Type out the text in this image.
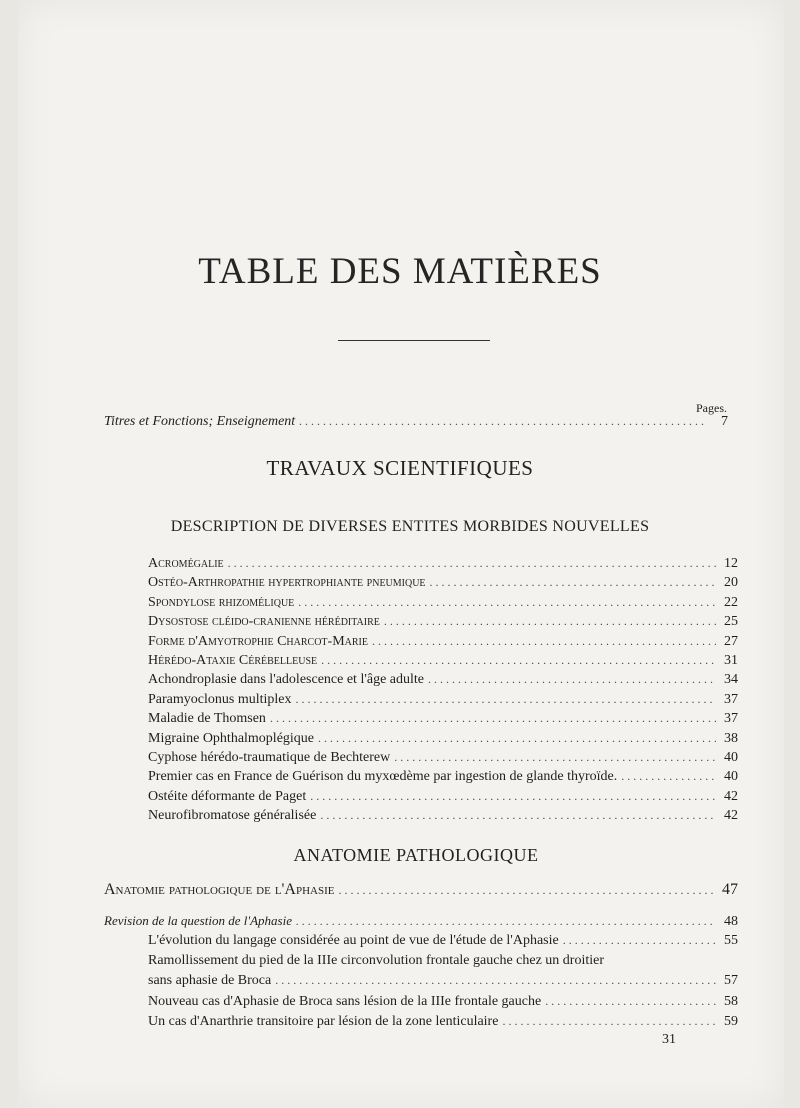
TABLE DES MATIÈRES
Pages.
Titres et Fonctions; Enseignement .....	7
TRAVAUX SCIENTIFIQUES
DESCRIPTION DE DIVERSES ENTITES MORBIDES NOUVELLES
Acromégalie .....	12
Ostéo-Arthropathie hypertrophiante pneumique .....	20
Spondylose rhizomélique .....	22
Dysostose cléido-cranienne héréditaire .....	25
Forme d'Amyotrophie Charcot-Marie .....	27
Hérédo-Ataxie Cérébelleuse .....	31
Achondroplasie dans l'adolescence et l'âge adulte .....	34
Paramyoclonus multiplex .....	37
Maladie de Thomsen .....	37
Migraine Ophthalmoplégique .....	38
Cyphose hérédo-traumatique de Bechterew .....	40
Premier cas en France de Guérison du myxœdème par ingestion de glande thyroïde. .....	40
Ostéite déformante de Paget .....	42
Neurofibromatose généralisée .....	42
ANATOMIE PATHOLOGIQUE
Anatomie pathologique de l'Aphasie .....	47
Revision de la question de l'Aphasie .....	48
L'évolution du langage considérée au point de vue de l'étude de l'Aphasie .....	55
Ramollissement du pied de la IIIe circonvolution frontale gauche chez un droitier
sans aphasie de Broca .....	57
Nouveau cas d'Aphasie de Broca sans lésion de la IIIe frontale gauche .....	58
Un cas d'Anarthrie transitoire par lésion de la zone lenticulaire .....	59
31
